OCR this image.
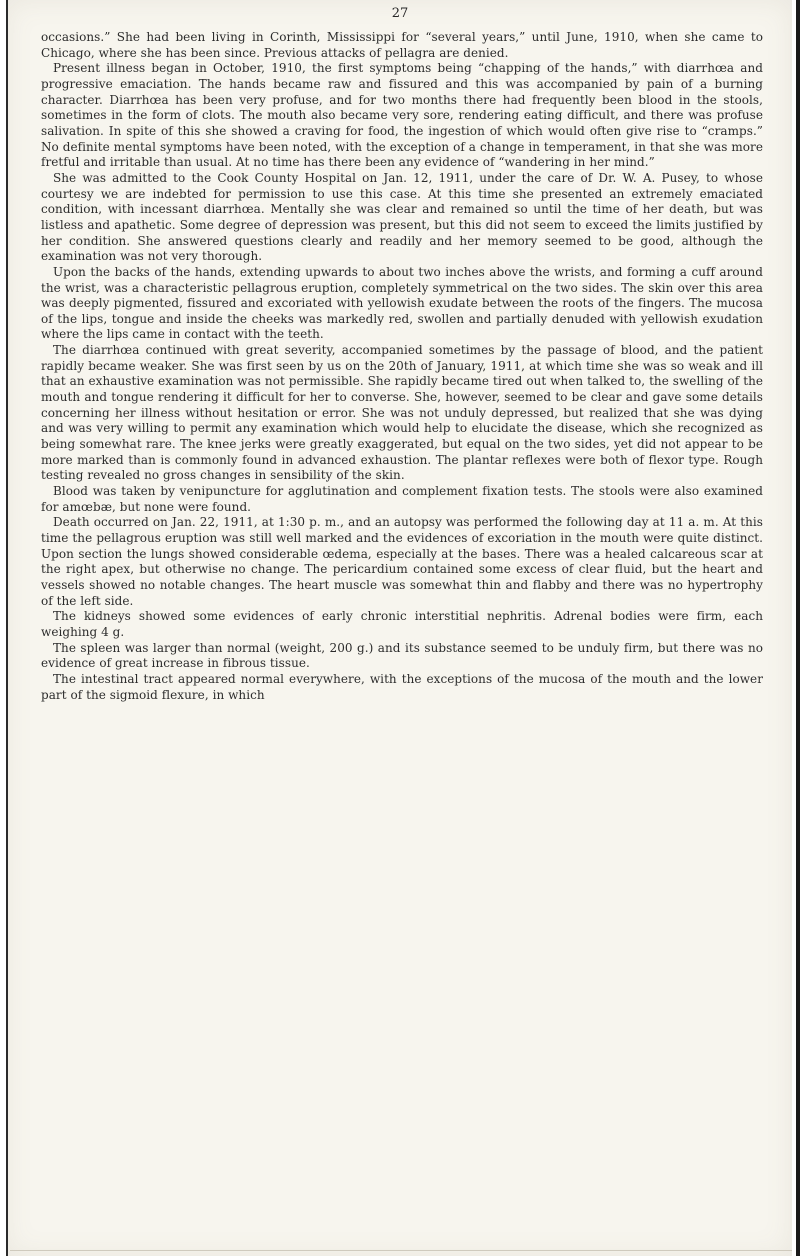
27

occasions.” She had been living in Corinth, Mississippi for “several years,” until June, 1910, when she came to Chicago, where she has been since. Previous attacks of pellagra are denied.

Present illness began in October, 1910, the first symptoms being “chapping of the hands,” with diarrhœa and progressive emaciation. The hands became raw and fissured and this was accompanied by pain of a burning character. Diarrhœa has been very profuse, and for two months there had frequently been blood in the stools, sometimes in the form of clots. The mouth also became very sore, rendering eating difficult, and there was profuse salivation. In spite of this she showed a craving for food, the ingestion of which would often give rise to “cramps.” No definite mental symptoms have been noted, with the exception of a change in temperament, in that she was more fretful and irritable than usual. At no time has there been any evidence of “wandering in her mind.”

She was admitted to the Cook County Hospital on Jan. 12, 1911, under the care of Dr. W. A. Pusey, to whose courtesy we are indebted for permission to use this case. At this time she presented an extremely emaciated condition, with incessant diarrhœa. Mentally she was clear and remained so until the time of her death, but was listless and apathetic. Some degree of depression was present, but this did not seem to exceed the limits justified by her condition. She answered questions clearly and readily and her memory seemed to be good, although the examination was not very thorough.

Upon the backs of the hands, extending upwards to about two inches above the wrists, and forming a cuff around the wrist, was a characteristic pellagrous eruption, completely symmetrical on the two sides. The skin over this area was deeply pigmented, fissured and excoriated with yellowish exudate between the roots of the fingers. The mucosa of the lips, tongue and inside the cheeks was markedly red, swollen and partially denuded with yellowish exudation where the lips came in contact with the teeth.

The diarrhœa continued with great severity, accompanied sometimes by the passage of blood, and the patient rapidly became weaker. She was first seen by us on the 20th of January, 1911, at which time she was so weak and ill that an exhaustive examination was not permissible. She rapidly became tired out when talked to, the swelling of the mouth and tongue rendering it difficult for her to converse. She, however, seemed to be clear and gave some details concerning her illness without hesitation or error. She was not unduly depressed, but realized that she was dying and was very willing to permit any examination which would help to elucidate the disease, which she recognized as being somewhat rare. The knee jerks were greatly exaggerated, but equal on the two sides, yet did not appear to be more marked than is commonly found in advanced exhaustion. The plantar reflexes were both of flexor type. Rough testing revealed no gross changes in sensibility of the skin.

Blood was taken by venipuncture for agglutination and complement fixation tests. The stools were also examined for amœbæ, but none were found.

Death occurred on Jan. 22, 1911, at 1:30 p. m., and an autopsy was performed the following day at 11 a. m. At this time the pellagrous eruption was still well marked and the evidences of excoriation in the mouth were quite distinct. Upon section the lungs showed considerable œdema, especially at the bases. There was a healed calcareous scar at the right apex, but otherwise no change. The pericardium contained some excess of clear fluid, but the heart and vessels showed no notable changes. The heart muscle was somewhat thin and flabby and there was no hypertrophy of the left side.

The kidneys showed some evidences of early chronic interstitial nephritis. Adrenal bodies were firm, each weighing 4 g.

The spleen was larger than normal (weight, 200 g.) and its substance seemed to be unduly firm, but there was no evidence of great increase in fibrous tissue.

The intestinal tract appeared normal everywhere, with the exceptions of the mucosa of the mouth and the lower part of the sigmoid flexure, in which
